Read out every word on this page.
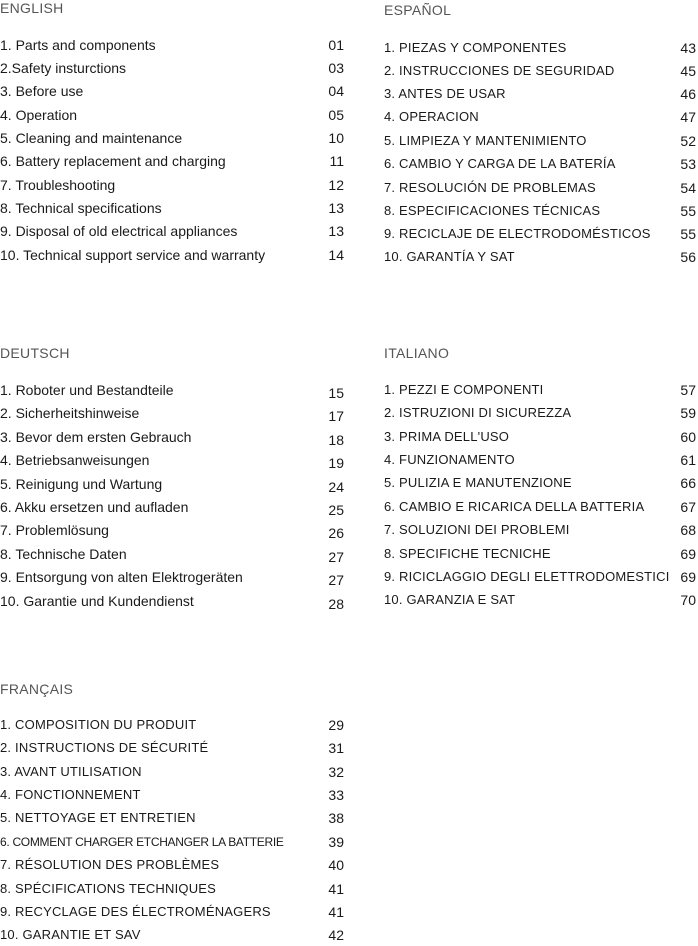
ENGLISH
1. Parts and components	01
2.Safety insturctions	03
3. Before use	04
4. Operation	05
5. Cleaning and maintenance	10
6. Battery replacement and charging	11
7. Troubleshooting	12
8. Technical specifications	13
9. Disposal of old electrical appliances	13
10. Technical support service and warranty	14
ESPAÑOL
1. PIEZAS Y COMPONENTES	43
2. INSTRUCCIONES DE SEGURIDAD	45
3. ANTES DE USAR	46
4. OPERACION	47
5. LIMPIEZA Y MANTENIMIENTO	52
6. CAMBIO Y CARGA DE LA BATERÍA	53
7. RESOLUCIÓN DE PROBLEMAS	54
8. ESPECIFICACIONES TÉCNICAS	55
9. RECICLAJE DE ELECTRODOMÉSTICOS 55
10. GARANTÍA Y SAT	56
DEUTSCH
1. Roboter und Bestandteile	15
2. Sicherheitshinweise	17
3. Bevor dem ersten Gebrauch	18
4. Betriebsanweisungen	19
5. Reinigung und Wartung	24
6. Akku ersetzen und aufladen	25
7. Problemlösung	26
8. Technische Daten	27
9. Entsorgung von alten Elektrogeräten	27
10. Garantie und Kundendienst	28
ITALIANO
1. PEZZI E COMPONENTI	57
2. ISTRUZIONI DI SICUREZZA	59
3. PRIMA DELL'USO	60
4. FUNZIONAMENTO	61
5. PULIZIA E MANUTENZIONE	66
6. CAMBIO E RICARICA DELLA BATTERIA	67
7. SOLUZIONI DEI PROBLEMI	68
8. SPECIFICHE TECNICHE	69
9. RICICLAGGIO DEGLI ELETTRODOMESTICI 69
10. GARANZIA E SAT	70
FRANÇAIS
1. COMPOSITION DU PRODUIT	29
2. INSTRUCTIONS DE SÉCURITÉ	31
3. AVANT UTILISATION	32
4. FONCTIONNEMENT	33
5. NETTOYAGE ET ENTRETIEN	38
6. COMMENT CHARGER ETCHANGER LA BATTERIE	39
7. RÉSOLUTION DES PROBLÈMES	40
8. SPÉCIFICATIONS TECHNIQUES	41
9. RECYCLAGE DES ÉLECTROMÉNAGERS	41
10. GARANTIE ET SAV	42
